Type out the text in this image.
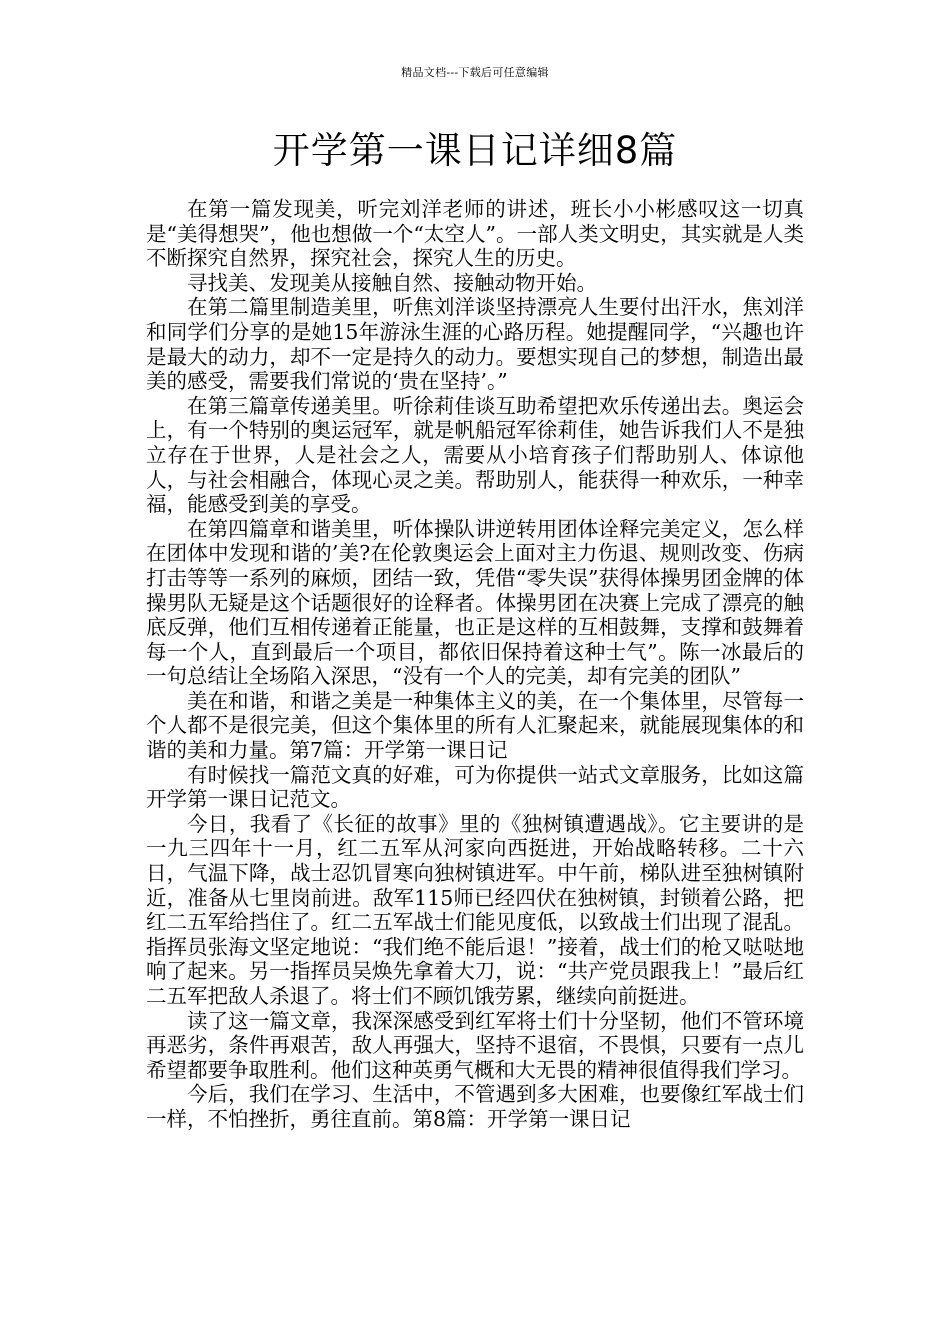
精品文档---下载后可任意编辑
开学第一课日记详细8篇

在第一篇发现美，听完刘洋老师的讲述，班长小小彬感叹这一切真是“美得想哭”，他也想做一个“太空人”。一部人类文明史，其实就是人类不断探究自然界，探究社会，探究人生的历史。

寻找美、发现美从接触自然、接触动物开始。

在第二篇里制造美里，听焦刘洋谈坚持漂亮人生要付出汗水，焦刘洋和同学们分享的是她15年游泳生涯的心路历程。她提醒同学，“兴趣也许是最大的动力，却不一定是持久的动力。要想实现自己的梦想，制造出最美的感受，需要我们常说的‘贵在坚持’。”

在第三篇章传递美里。听徐莉佳谈互助希望把欢乐传递出去。奥运会上，有一个特别的奥运冠军，就是帆船冠军徐莉佳，她告诉我们人不是独立存在于世界，人是社会之人，需要从小培育孩子们帮助别人、体谅他人，与社会相融合，体现心灵之美。帮助别人，能获得一种欢乐，一种幸福，能感受到美的享受。

在第四篇章和谐美里，听体操队讲逆转用团体诠释完美定义，怎么样在团体中发现和谐的’美?在伦敦奥运会上面对主力伤退、规则改变、伤病打击等等一系列的麻烦，团结一致，凭借“零失误”获得体操男团金牌的体操男队无疑是这个话题很好的诠释者。体操男团在决赛上完成了漂亮的触底反弹，他们互相传递着正能量，也正是这样的互相鼓舞，支撑和鼓舞着每一个人，直到最后一个项目，都依旧保持着这种士气”。陈一冰最后的一句总结让全场陷入深思，“没有一个人的完美，却有完美的团队”

美在和谐，和谐之美是一种集体主义的美，在一个集体里，尽管每一个人都不是很完美，但这个集体里的所有人汇聚起来，就能展现集体的和谐的美和力量。第7篇：开学第一课日记

有时候找一篇范文真的好难，可为你提供一站式文章服务，比如这篇开学第一课日记范文。

今日，我看了《长征的故事》里的《独树镇遭遇战》。它主要讲的是一九三四年十一月，红二五军从河家向西挺进，开始战略转移。二十六日，气温下降，战士忍饥冒寒向独树镇进军。中午前，梯队进至独树镇附近，准备从七里岗前进。敌军115师已经四伏在独树镇，封锁着公路，把红二五军给挡住了。红二五军战士们能见度低，以致战士们出现了混乱。指挥员张海文坚定地说：“我们绝不能后退！”接着，战士们的枪又哒哒地响了起来。另一指挥员吴焕先拿着大刀，说：“共产党员跟我上！”最后红二五军把敌人杀退了。将士们不顾饥饿劳累，继续向前挺进。

读了这一篇文章，我深深感受到红军将士们十分坚韧，他们不管环境再恶劣，条件再艰苦，敌人再强大，坚持不退宿，不畏惧，只要有一点儿希望都要争取胜利。他们这种英勇气概和大无畏的精神很值得我们学习。

今后，我们在学习、生活中，不管遇到多大困难，也要像红军战士们一样，不怕挫折，勇往直前。第8篇：开学第一课日记
